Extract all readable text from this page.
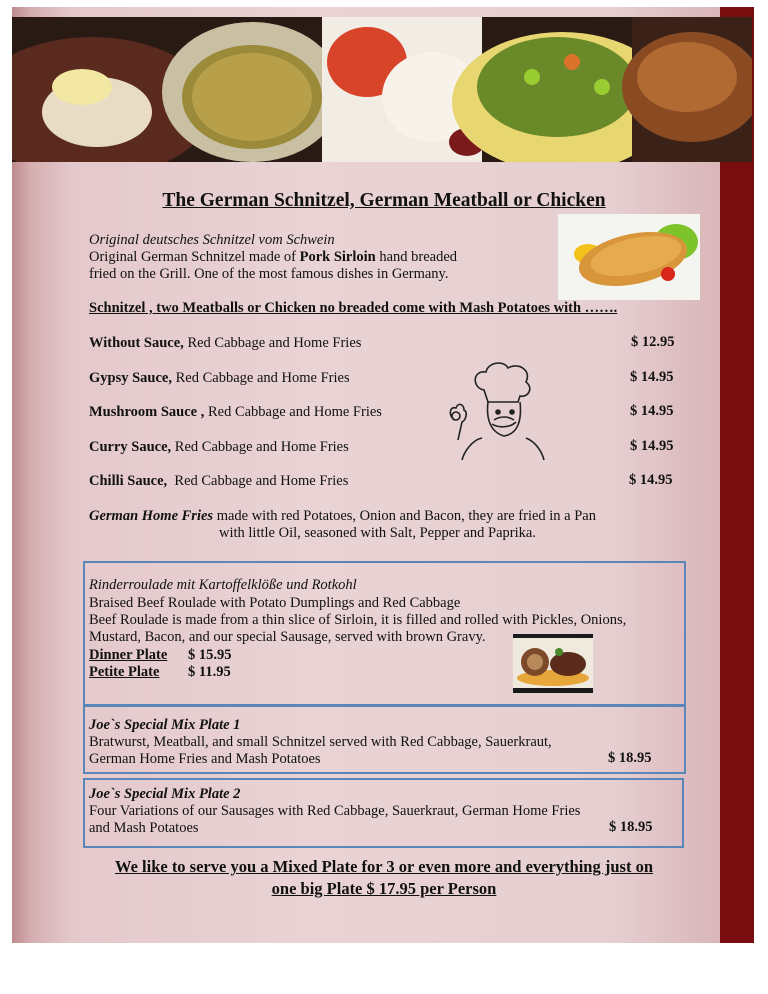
The German Schnitzel, German Meatball or Chicken
Original deutsches Schnitzel vom Schwein
Original German Schnitzel made of Pork Sirloin hand breaded
fried on the Grill. One of the most famous dishes in Germany.
Schnitzel , two Meatballs or Chicken no breaded come with Mash Potatoes with …….
Without Sauce, Red Cabbage and Home Fries	$ 12.95
Gypsy Sauce, Red Cabbage and Home Fries	$ 14.95
Mushroom Sauce , Red Cabbage and Home Fries	$ 14.95
Curry Sauce, Red Cabbage and Home Fries	$ 14.95
Chilli Sauce, Red Cabbage and Home Fries	$ 14.95
German Home Fries made with red Potatoes, Onion and Bacon, they are fried in a Pan
with little Oil, seasoned with Salt, Pepper and Paprika.
Rinderroulade mit Kartoffelklöße und Rotkohl
Braised Beef Roulade with Potato Dumplings and Red Cabbage
Beef Roulade is made from a thin slice of Sirloin, it is filled and rolled with Pickles, Onions,
Mustard, Bacon, and our special Sausage, served with brown Gravy.
Dinner Plate $ 15.95
Petite Plate $ 11.95
Joe`s Special Mix Plate 1
Bratwurst, Meatball, and small Schnitzel served with Red Cabbage, Sauerkraut,
German Home Fries and Mash Potatoes	$ 18.95
Joe`s Special Mix Plate 2
Four Variations of our Sausages with Red Cabbage, Sauerkraut, German Home Fries
and Mash Potatoes	$ 18.95
We like to serve you a Mixed Plate for 3 or even more and everything just on
one big Plate $ 17.95 per Person
